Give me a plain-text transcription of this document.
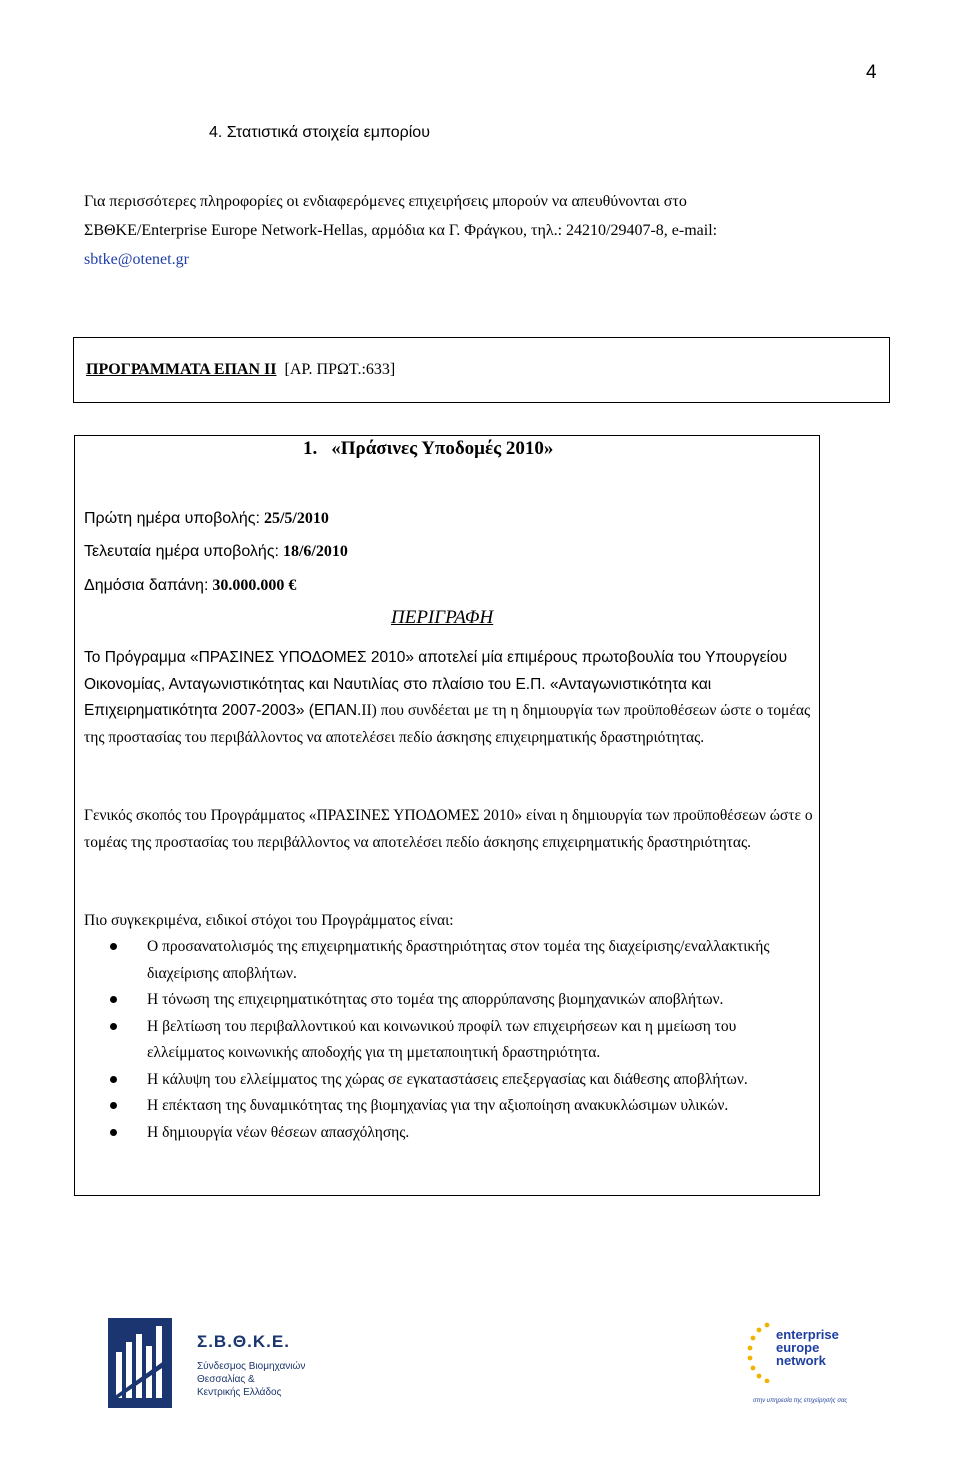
4
4. Στατιστικά στοιχεία εμπορίου
Για περισσότερες πληροφορίες οι ενδιαφερόμενες επιχειρήσεις μπορούν να απευθύνονται στο
ΣΒΘΚΕ/Enterprise Europe Network-Hellas, αρμόδια κα Γ. Φράγκου, τηλ.: 24210/29407-8, e-mail:
sbtke@otenet.gr
ΠΡΟΓΡΑΜΜΑΤΑ ΕΠΑΝ ΙΙ [ΑΡ. ΠΡΩΤ.:633]
1. «Πράσινες Υποδομές 2010»
Πρώτη ημέρα υποβολής: 25/5/2010
Τελευταία ημέρα υποβολής: 18/6/2010
Δημόσια δαπάνη: 30.000.000 €
ΠΕΡΙΓΡΑΦΗ
Το Πρόγραμμα «ΠΡΑΣΙΝΕΣ ΥΠΟΔΟΜΕΣ 2010» αποτελεί μία επιμέρους πρωτοβουλία του Υπουργείου Οικονομίας, Ανταγωνιστικότητας και Ναυτιλίας στο πλαίσιο του Ε.Π. «Ανταγωνιστικότητα και Επιχειρηματικότητα 2007-2003» (ΕΠΑΝ.ΙΙ) που συνδέεται με τη η δημιουργία των προϋποθέσεων ώστε ο τομέας της προστασίας του περιβάλλοντος να αποτελέσει πεδίο άσκησης επιχειρηματικής δραστηριότητας.
Γενικός σκοπός του Προγράμματος «ΠΡΑΣΙΝΕΣ ΥΠΟΔΟΜΕΣ 2010» είναι η δημιουργία των προϋποθέσεων ώστε ο τομέας της προστασίας του περιβάλλοντος να αποτελέσει πεδίο άσκησης επιχειρηματικής δραστηριότητας.
Πιο συγκεκριμένα, ειδικοί στόχοι του Προγράμματος είναι:
Ο προσανατολισμός της επιχειρηματικής δραστηριότητας στον τομέα της διαχείρισης/εναλλακτικής διαχείρισης αποβλήτων.
Η τόνωση της επιχειρηματικότητας στο τομέα της απορρύπανσης βιομηχανικών αποβλήτων.
Η βελτίωση του περιβαλλοντικού και κοινωνικού προφίλ των επιχειρήσεων και η μμείωση του ελλείμματος κοινωνικής αποδοχής για τη μμεταποιητική δραστηριότητα.
Η κάλυψη του ελλείμματος της χώρας σε εγκαταστάσεις επεξεργασίας και διάθεσης αποβλήτων.
Η επέκταση της δυναμικότητας της βιομηχανίας για την αξιοποίηση ανακυκλώσιμων υλικών.
Η δημιουργία νέων θέσεων απασχόλησης.
Σ.Β.Θ.Κ.Ε.
Σύνδεσμος Βιομηχανιών
Θεσσαλίας &
Κεντρικής Ελλάδος
enterprise
europe
network
στην υπηρεσία της επιχείρησής σας
